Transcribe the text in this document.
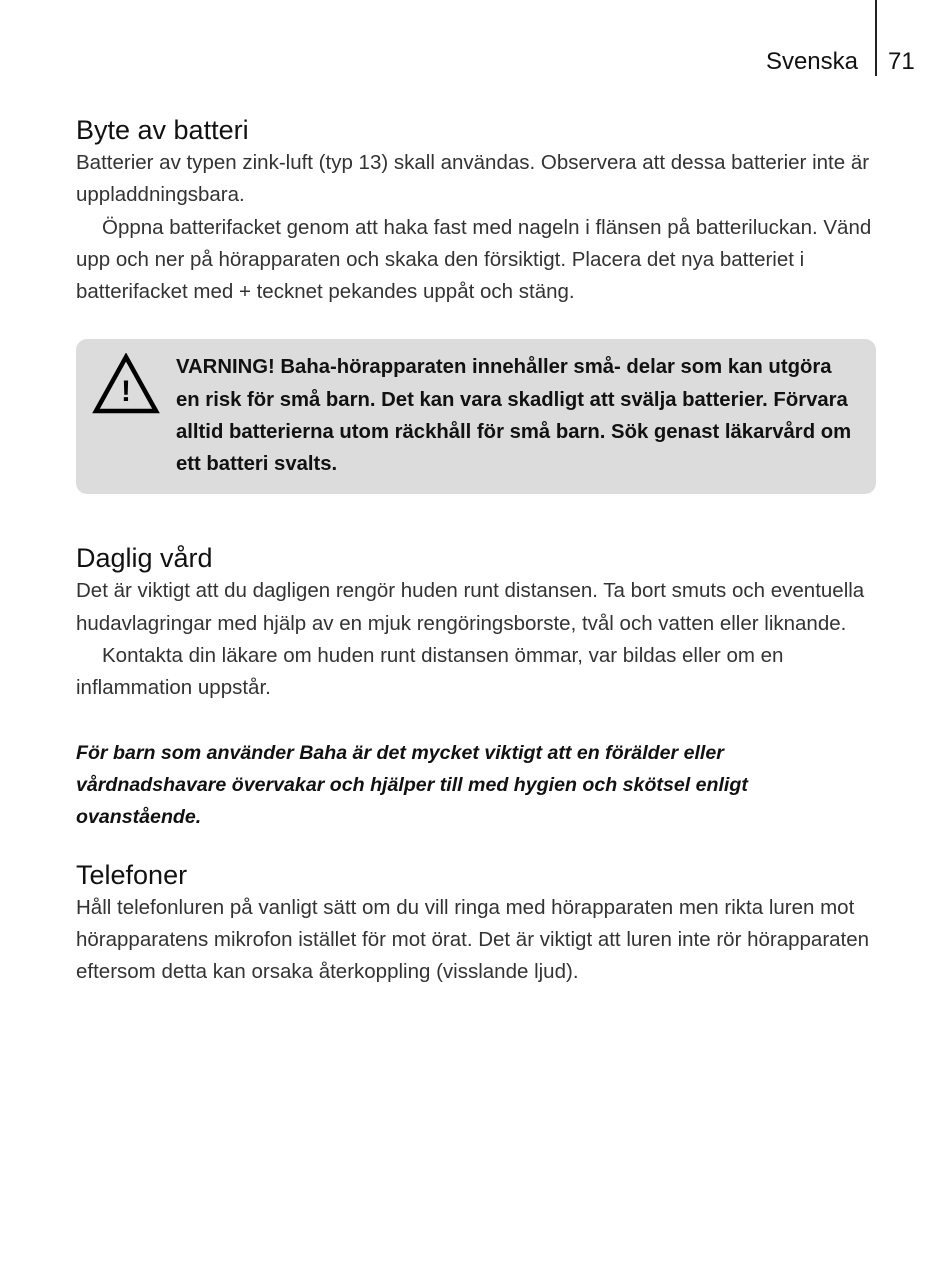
Svenska 71
Byte av batteri

Batterier av typen zink-luft (typ 13) skall användas. Observera att dessa batterier inte är uppladdningsbara.

Öppna batterifacket genom att haka fast med nageln i flänsen på batteriluckan. Vänd upp och ner på hörapparaten och skaka den försiktigt. Placera det nya batteriet i batterifacket med + tecknet pekandes uppåt och stäng.

!
VARNING! Baha-hörapparaten innehåller små- delar som kan utgöra en risk för små barn. Det kan vara skadligt att svälja batterier. Förvara alltid batterierna utom räckhåll för små barn. Sök genast läkarvård om ett batteri svalts.
Daglig vård

Det är viktigt att du dagligen rengör huden runt distansen. Ta bort smuts och eventuella hudavlagringar med hjälp av en mjuk rengöringsborste, tvål och vatten eller liknande.

Kontakta din läkare om huden runt distansen ömmar, var bildas eller om en inflammation uppstår.

För barn som använder Baha är det mycket viktigt att en förälder eller vårdnadshavare övervakar och hjälper till med hygien och skötsel enligt ovanstående.

Telefoner

Håll telefonluren på vanligt sätt om du vill ringa med hörapparaten men rikta luren mot hörapparatens mikrofon istället för mot örat. Det är viktigt att luren inte rör hörapparaten eftersom detta kan orsaka återkoppling (visslande ljud).
